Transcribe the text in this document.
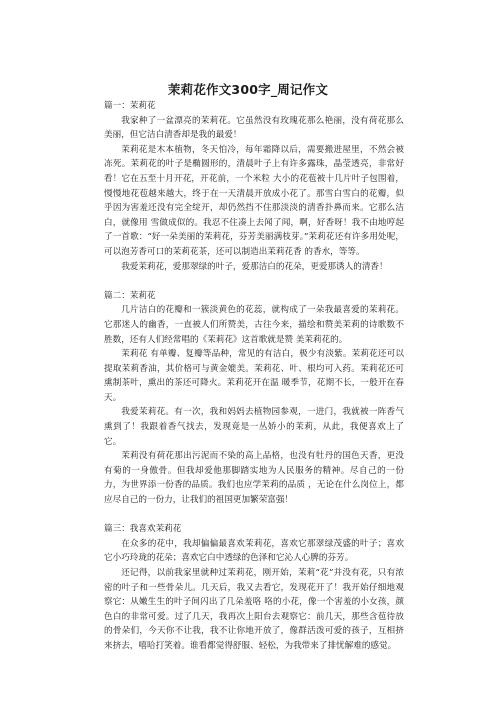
茉莉花作文300字_周记作文

篇一：茉莉花

我家种了一盆漂亮的茉莉花。它虽然没有玫瑰花那么艳丽，没有荷花那么美丽，但它洁白清香却是我的最爱！

茉莉花是木本植物，冬天怕冷，每年霜降以后，需要搬进屋里，不然会被冻死。茉莉花的叶子是椭圆形的，清晨叶子上有许多露珠，晶莹透亮，非常好看！它在五至十月开花，开花前，一个米粒 大小的花苞被十几片叶子包围着，慢慢地花苞越来越大，终于在一天清晨开放成小花了。那雪白雪白的花瓣，似乎因为害羞还没有完全绽开，却仍然挡不住那淡淡的清香扑鼻而来。它那么洁白，就像用 雪做成似的。我忍不住凑上去闻了闻，啊，好香呀！我不由地哼起了一首歌：“好一朵美丽的茉莉花，芬芳美丽满枝芽。”茉莉花还有许多用处呢，可以泡芳香可口的茉莉花茶，还可以制造出茉莉花香 的香水，等等。

我爱茉莉花，爱那翠绿的叶子，爱那洁白的花朵，更爱那诱人的清香！

篇二：茉莉花

几片洁白的花瓣和一簇淡黄色的花蕊，就构成了一朵我最喜爱的茉莉花。它那迷人的幽香，一直被人们所赞美，古往今来，描绘和赞美茉莉的诗歌数不胜数，还有人们经常唱的《茉莉花》这首歌就是赞 美茉莉花的。

茉莉花 有单瓣、复瓣等品种，常见的有洁白，极少有淡紫。茉莉花还可以提取茉莉香油，其价格可与黄金媲美。茉莉花、叶、根均可入药。茉莉花还可熏制茶叶，熏出的茶还可降火。茉莉花开在温 暖季节，花期不长，一般开在春天。

我爱茉莉花。有一次，我和妈妈去植物园参观，一进门，我就被一阵香气熏到了！我跟着香气找去，发现竟是一丛娇小的茉莉，从此，我便喜欢上了它。

茉莉没有荷花那出污泥而不染的高上品格，也没有牡丹的国色天香，更没有菊的一身傲骨。但我却爱他那脚踏实地为人民服务的精神。尽自己的一份力，为世界添一份香的品质。我们也应学茉莉的品质 ，无论在什么岗位上，都应尽自己的一份力，让我们的祖国更加繁荣富强！

篇三：我喜欢茉莉花

在众多的花中，我却偏偏最喜欢茉莉花，喜欢它那翠绿茂盛的叶子；喜欢它小巧玲珑的花朵；喜欢它白中透绿的色泽和它沁人心脾的芬芳。

还记得，以前我家里就种过茉莉花，刚开始，茉莉“花”并没有花，只有浓密的叶子和一些骨朵儿。几天后，我又去看它，发现花开了！我开始仔细地观察它：从嫩生生的叶子间闪出了几朵羞咯 咯的小花，像一个害羞的小女孩，颜色白的非常可爱。过了几天，我再次上阳台去观察它：前几天，那些含苞待放的骨朵们，今天你不让我，我不让你地开放了，像群活泼可爱的孩子，互相挤来挤去，嘻哈打笑着。谁看都觉得舒服、轻松，为我带来了排忧解难的感觉。
